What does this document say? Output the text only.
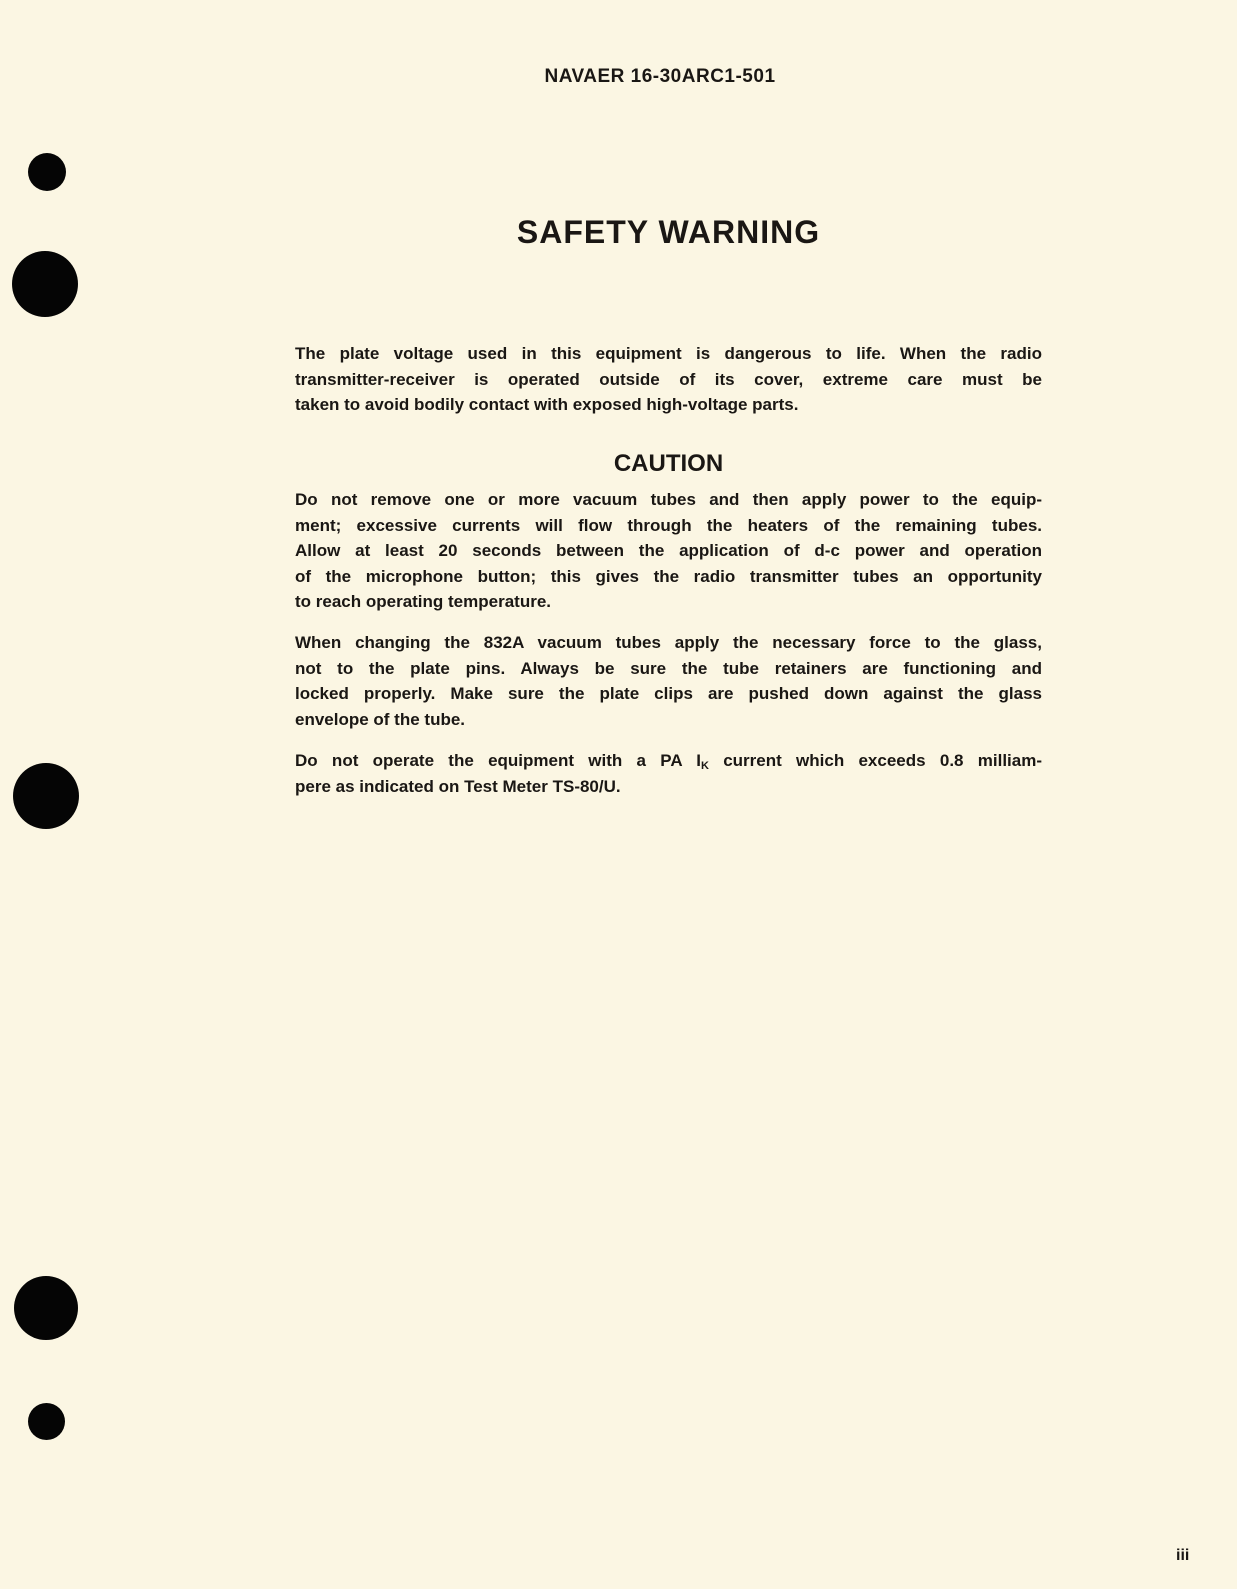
NAVAER 16-30ARC1-501
SAFETY WARNING
The plate voltage used in this equipment is dangerous to life. When the radio
transmitter-receiver is operated outside of its cover, extreme care must be
taken to avoid bodily contact with exposed high-voltage parts.
CAUTION
Do not remove one or more vacuum tubes and then apply power to the equip-
ment; excessive currents will flow through the heaters of the remaining tubes.
Allow at least 20 seconds between the application of d-c power and operation
of the microphone button; this gives the radio transmitter tubes an opportunity
to reach operating temperature.
When changing the 832A vacuum tubes apply the necessary force to the glass,
not to the plate pins. Always be sure the tube retainers are functioning and
locked properly. Make sure the plate clips are pushed down against the glass
envelope of the tube.
Do not operate the equipment with a PA $I_K$ current which exceeds 0.8 milliam-
pere as indicated on Test Meter TS-80/U.
iii
